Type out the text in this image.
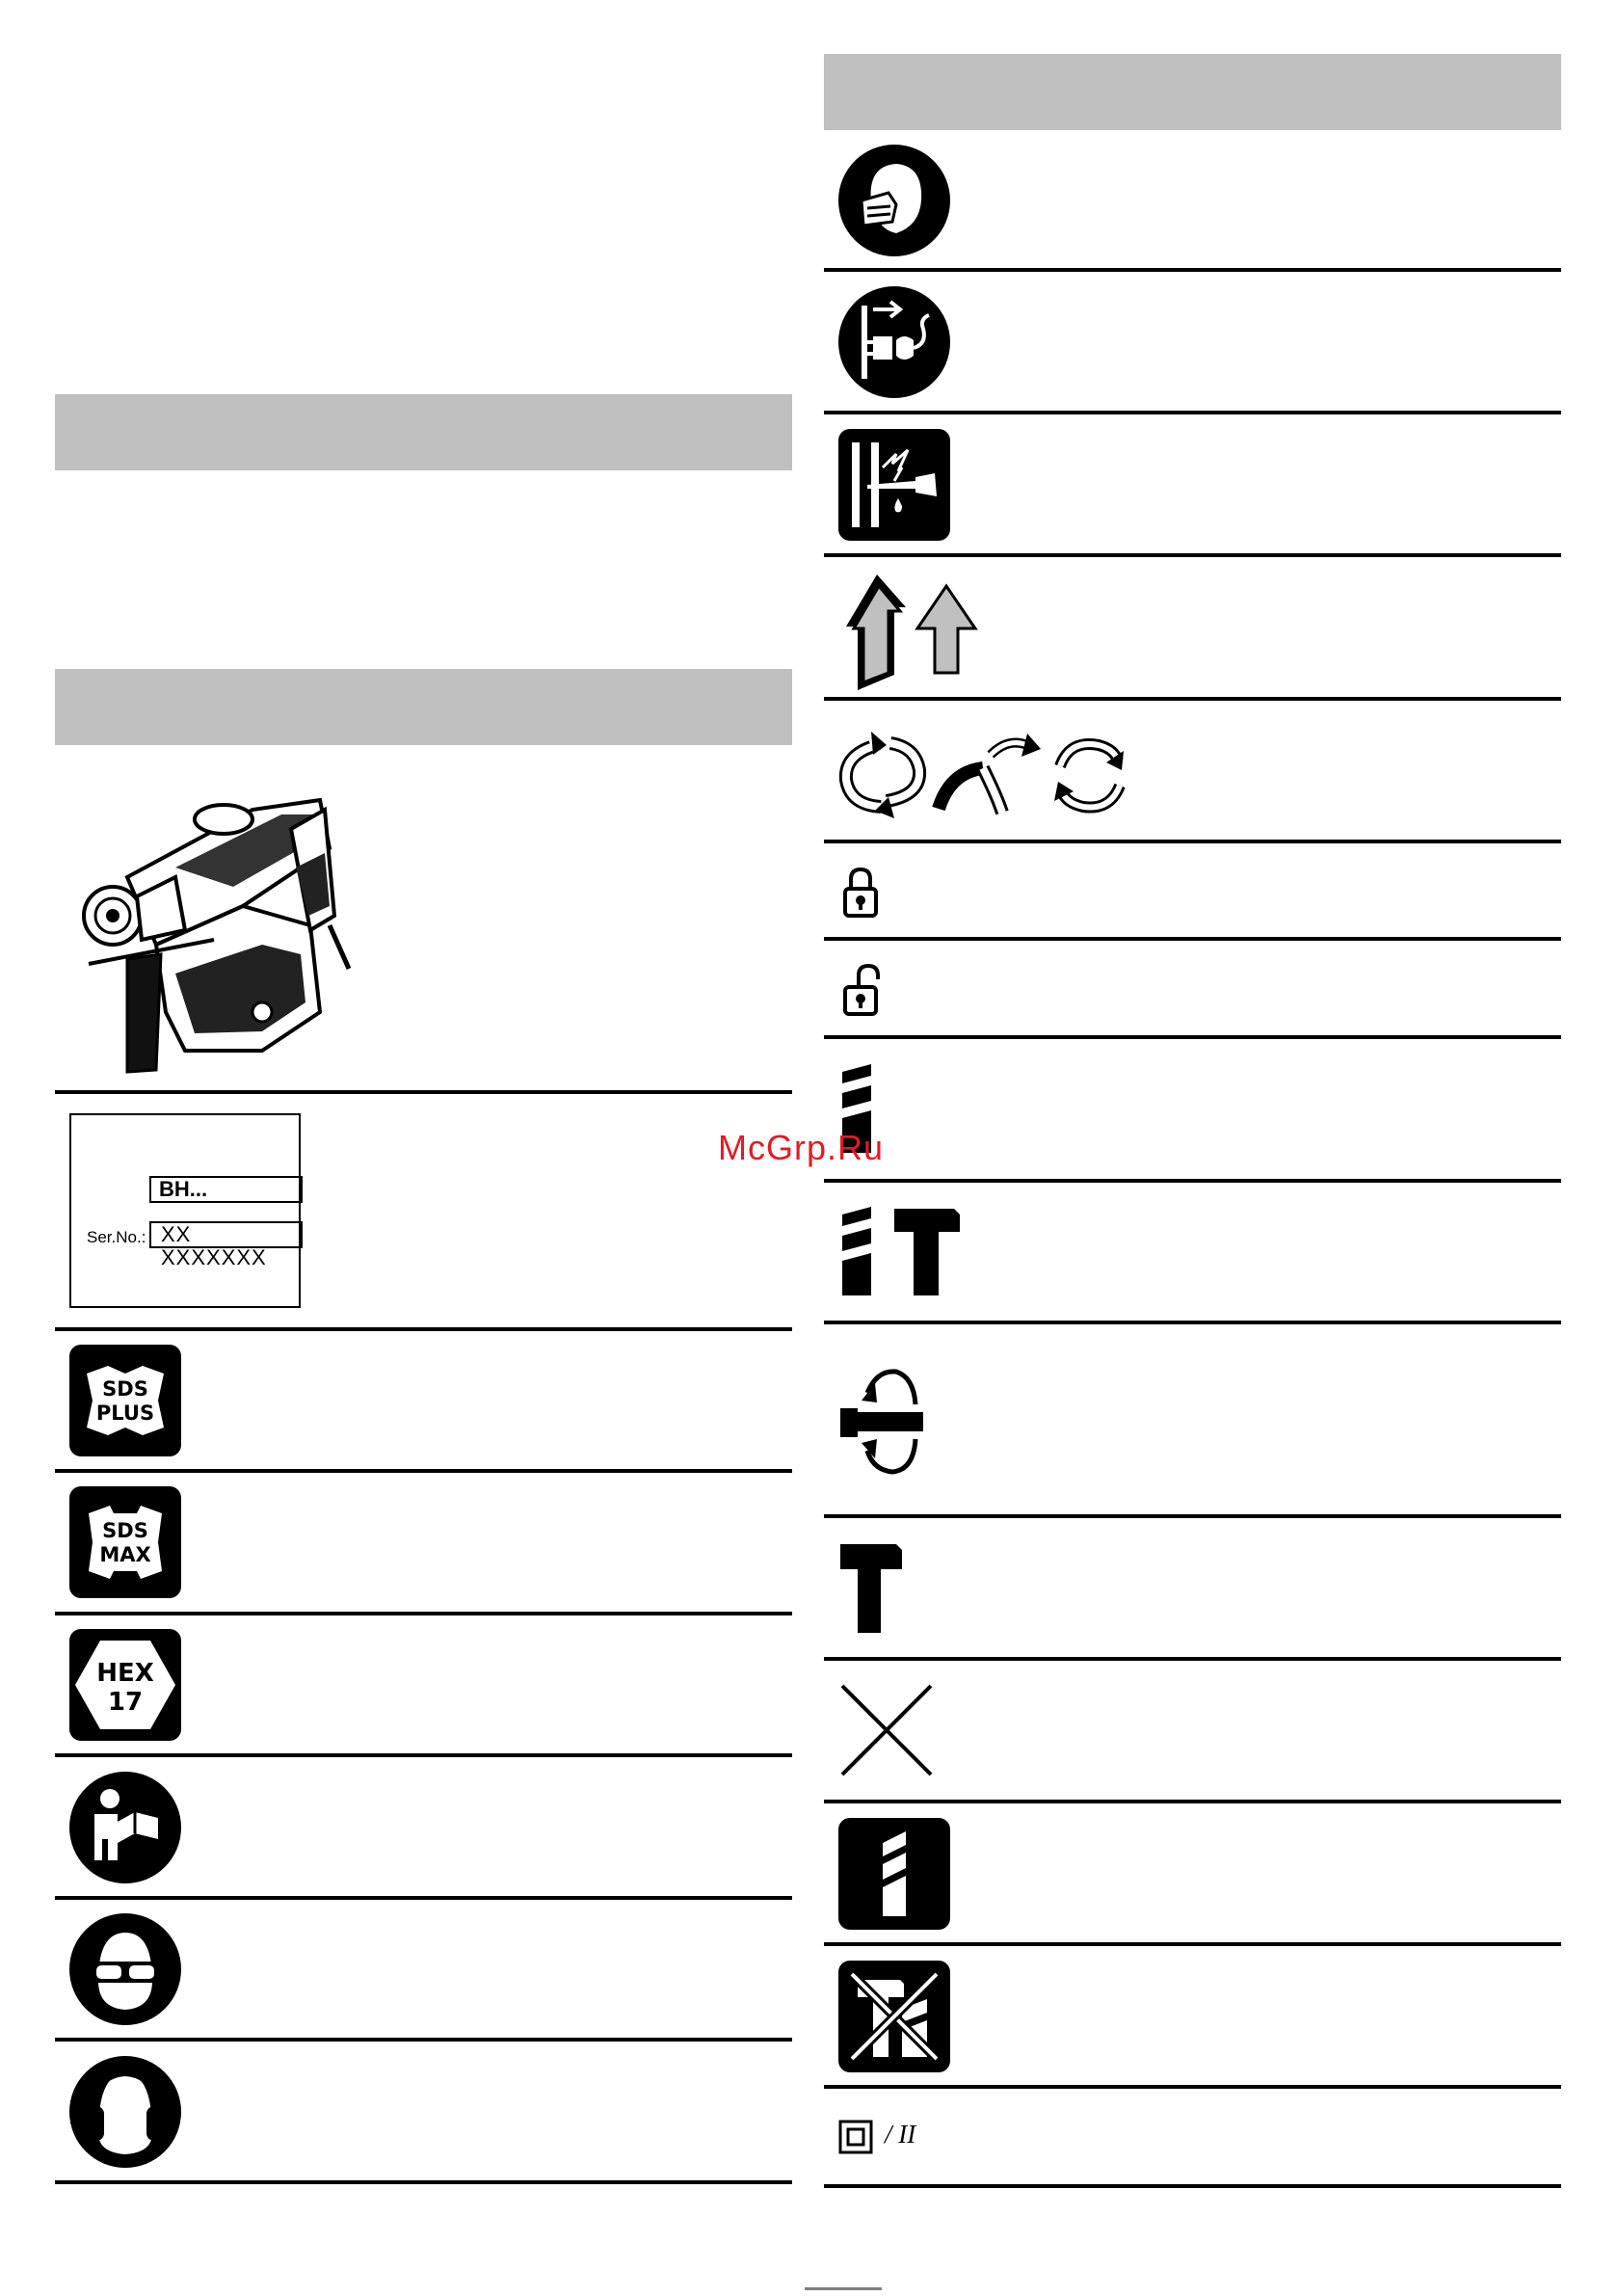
BH...
Ser.No.: XX XXXXXXX
SDS
PLUS
SDS
MAX
HEX
17
/ II
McGrp.Ru
